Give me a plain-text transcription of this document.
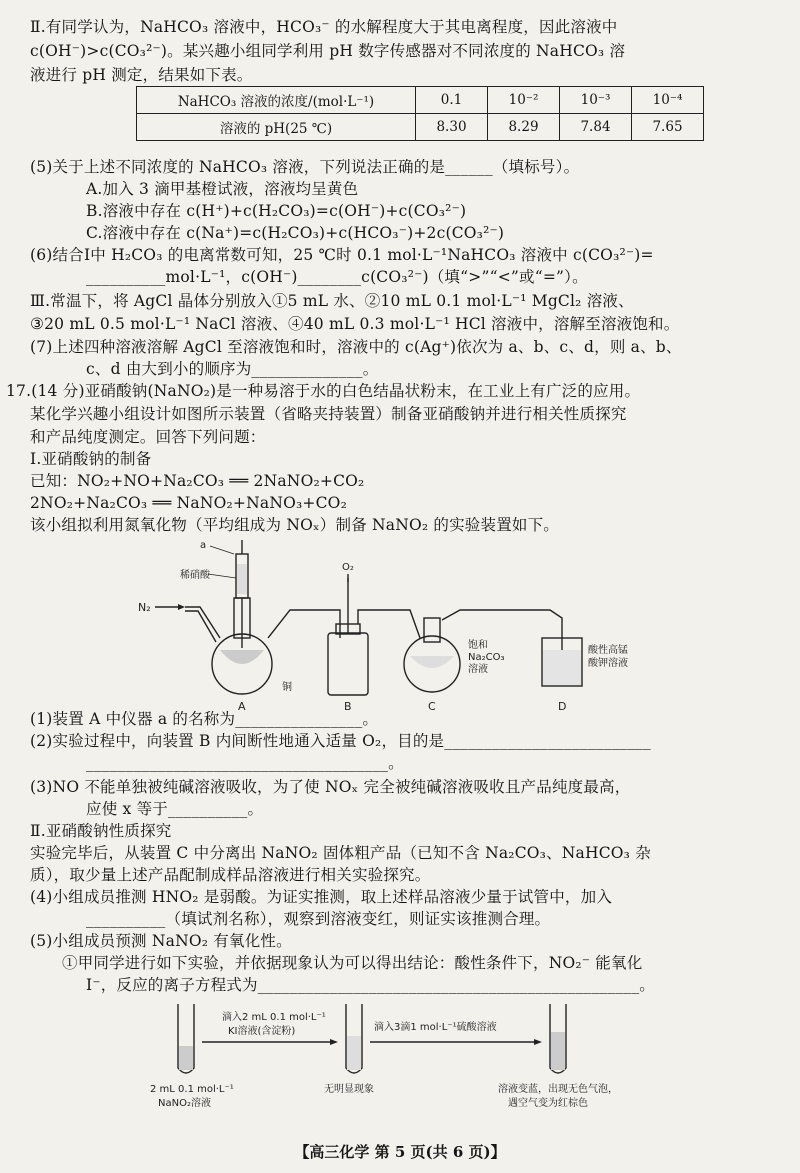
Ⅱ.有同学认为，NaHCO₃ 溶液中，HCO₃⁻ 的水解程度大于其电离程度，因此溶液中
c(OH⁻)>c(CO₃²⁻)。某兴趣小组同学利用 pH 数字传感器对不同浓度的 NaHCO₃ 溶
液进行 pH 测定，结果如下表。
(5)关于上述不同浓度的 NaHCO₃ 溶液，下列说法正确的是______（填标号）。
A.加入 3 滴甲基橙试液，溶液均呈黄色
B.溶液中存在 c(H⁺)+c(H₂CO₃)=c(OH⁻)+c(CO₃²⁻)
C.溶液中存在 c(Na⁺)=c(H₂CO₃)+c(HCO₃⁻)+2c(CO₃²⁻)
(6)结合Ⅰ中 H₂CO₃ 的电离常数可知，25 ℃时 0.1 mol·L⁻¹NaHCO₃ 溶液中 c(CO₃²⁻)=
__________mol·L⁻¹，c(OH⁻)________c(CO₃²⁻)（填“>”“<”或“=”）。
Ⅲ.常温下，将 AgCl 晶体分别放入①5 mL 水、②10 mL 0.1 mol·L⁻¹ MgCl₂ 溶液、
③20 mL 0.5 mol·L⁻¹ NaCl 溶液、④40 mL 0.3 mol·L⁻¹ HCl 溶液中，溶解至溶液饱和。
(7)上述四种溶液溶解 AgCl 至溶液饱和时，溶液中的 c(Ag⁺)依次为 a、b、c、d，则 a、b、
c、d 由大到小的顺序为______________。
17.(14 分)亚硝酸钠(NaNO₂)是一种易溶于水的白色结晶状粉末，在工业上有广泛的应用。
某化学兴趣小组设计如图所示装置（省略夹持装置）制备亚硝酸钠并进行相关性质探究
和产品纯度测定。回答下列问题：
Ⅰ.亚硝酸钠的制备
已知：NO₂+NO+Na₂CO₃ ══ 2NaNO₂+CO₂
2NO₂+Na₂CO₃ ══ NaNO₂+NaNO₃+CO₂
该小组拟利用氮氧化物（平均组成为 NOₓ）制备 NaNO₂ 的实验装置如下。
(1)装置 A 中仪器 a 的名称为________________。
(2)实验过程中，向装置 B 内间断性地通入适量 O₂，目的是__________________________
______________________________________。
(3)NO 不能单独被纯碱溶液吸收，为了使 NOₓ 完全被纯碱溶液吸收且产品纯度最高，
应使 x 等于__________。
Ⅱ.亚硝酸钠性质探究
实验完毕后，从装置 C 中分离出 NaNO₂ 固体粗产品（已知不含 Na₂CO₃、NaHCO₃ 杂
质），取少量上述产品配制成样品溶液进行相关实验探究。
(4)小组成员推测 HNO₂ 是弱酸。为证实推测，取上述样品溶液少量于试管中，加入
__________（填试剂名称），观察到溶液变红，则证实该推测合理。
(5)小组成员预测 NaNO₂ 有氧化性。
①甲同学进行如下实验，并依据现象认为可以得出结论：酸性条件下，NO₂⁻ 能氧化
I⁻，反应的离子方程式为________________________________________________。
NaHCO₃ 溶液的浓度/(mol·L⁻¹)	0.1	10⁻²	10⁻³	10⁻⁴
溶液的 pH(25 ℃)	8.30	8.29	7.84	7.65
N₂
a
稀硝酸
铜
A
O₂
B
饱和
Na₂CO₃
溶液
C
酸性高锰
酸钾溶液
D
滴入2 mL 0.1 mol·L⁻¹
KI溶液(含淀粉)	滴入3滴1 mol·L⁻¹硫酸溶液
2 mL 0.1 mol·L⁻¹
NaNO₂溶液
无明显现象	溶液变蓝，出现无色气泡，
遇空气变为红棕色
【高三化学 第 5 页(共 6 页)】
